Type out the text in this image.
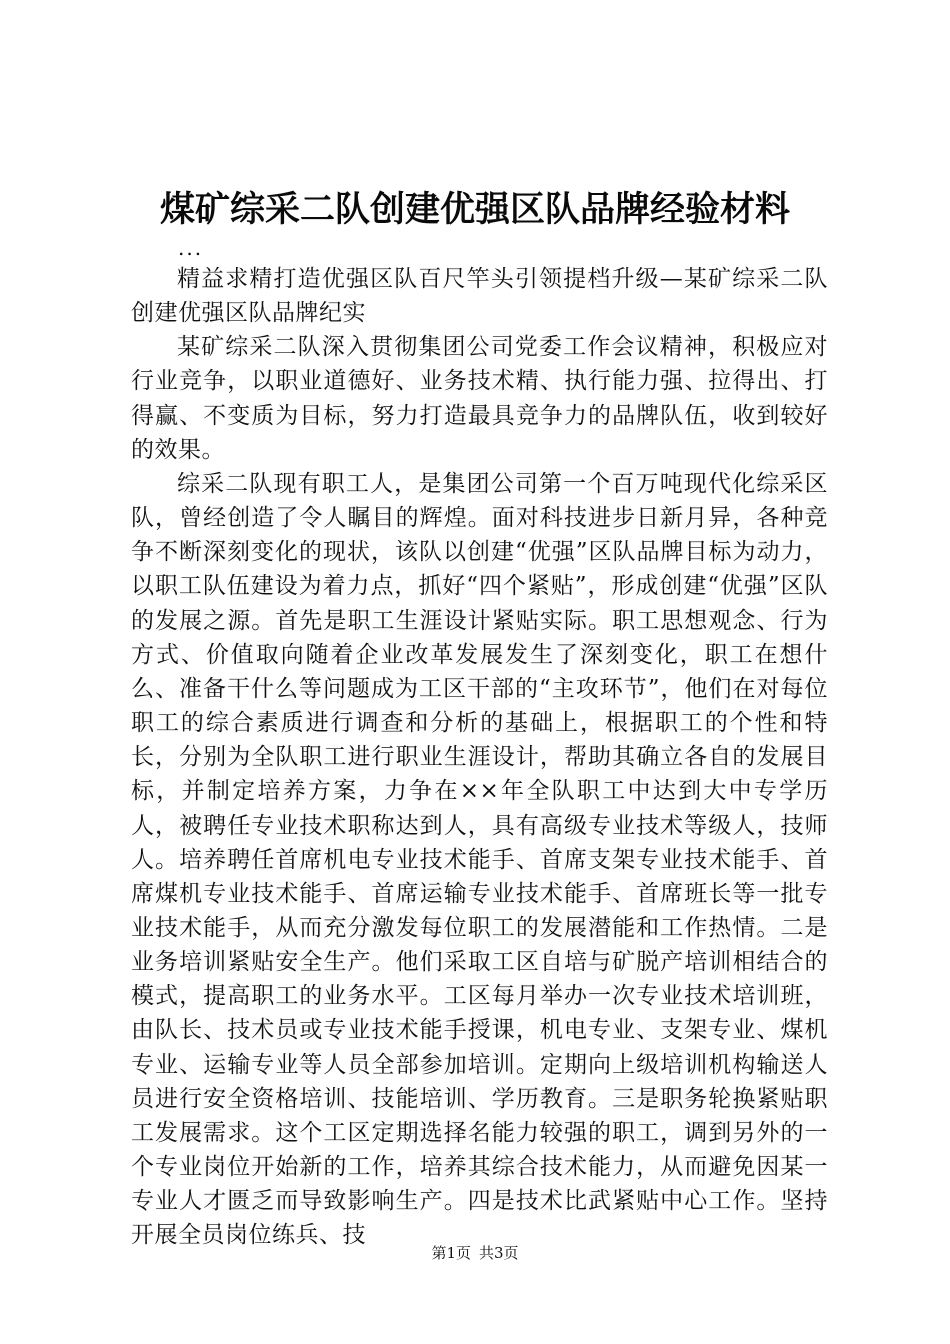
煤矿综采二队创建优强区队品牌经验材料
...

精益求精打造优强区队百尺竿头引领提档升级—某矿综采二队创建优强区队品牌纪实

某矿综采二队深入贯彻集团公司党委工作会议精神，积极应对行业竞争，以职业道德好、业务技术精、执行能力强、拉得出、打得赢、不变质为目标，努力打造最具竞争力的品牌队伍，收到较好的效果。

综采二队现有职工人，是集团公司第一个百万吨现代化综采区队，曾经创造了令人瞩目的辉煌。面对科技进步日新月异，各种竞争不断深刻变化的现状，该队以创建“优强”区队品牌目标为动力，以职工队伍建设为着力点，抓好“四个紧贴”，形成创建“优强”区队的发展之源。首先是职工生涯设计紧贴实际。职工思想观念、行为方式、价值取向随着企业改革发展发生了深刻变化，职工在想什么、准备干什么等问题成为工区干部的“主攻环节”，他们在对每位职工的综合素质进行调查和分析的基础上，根据职工的个性和特长，分别为全队职工进行职业生涯设计，帮助其确立各自的发展目标，并制定培养方案，力争在××年全队职工中达到大中专学历人，被聘任专业技术职称达到人，具有高级专业技术等级人，技师人。培养聘任首席机电专业技术能手、首席支架专业技术能手、首席煤机专业技术能手、首席运输专业技术能手、首席班长等一批专业技术能手，从而充分激发每位职工的发展潜能和工作热情。二是业务培训紧贴安全生产。他们采取工区自培与矿脱产培训相结合的模式，提高职工的业务水平。工区每月举办一次专业技术培训班，由队长、技术员或专业技术能手授课，机电专业、支架专业、煤机专业、运输专业等人员全部参加培训。定期向上级培训机构输送人员进行安全资格培训、技能培训、学历教育。三是职务轮换紧贴职工发展需求。这个工区定期选择名能力较强的职工，调到另外的一个专业岗位开始新的工作，培养其综合技术能力，从而避免因某一专业人才匮乏而导致影响生产。四是技术比武紧贴中心工作。坚持开展全员岗位练兵、技

第1页 共3页
